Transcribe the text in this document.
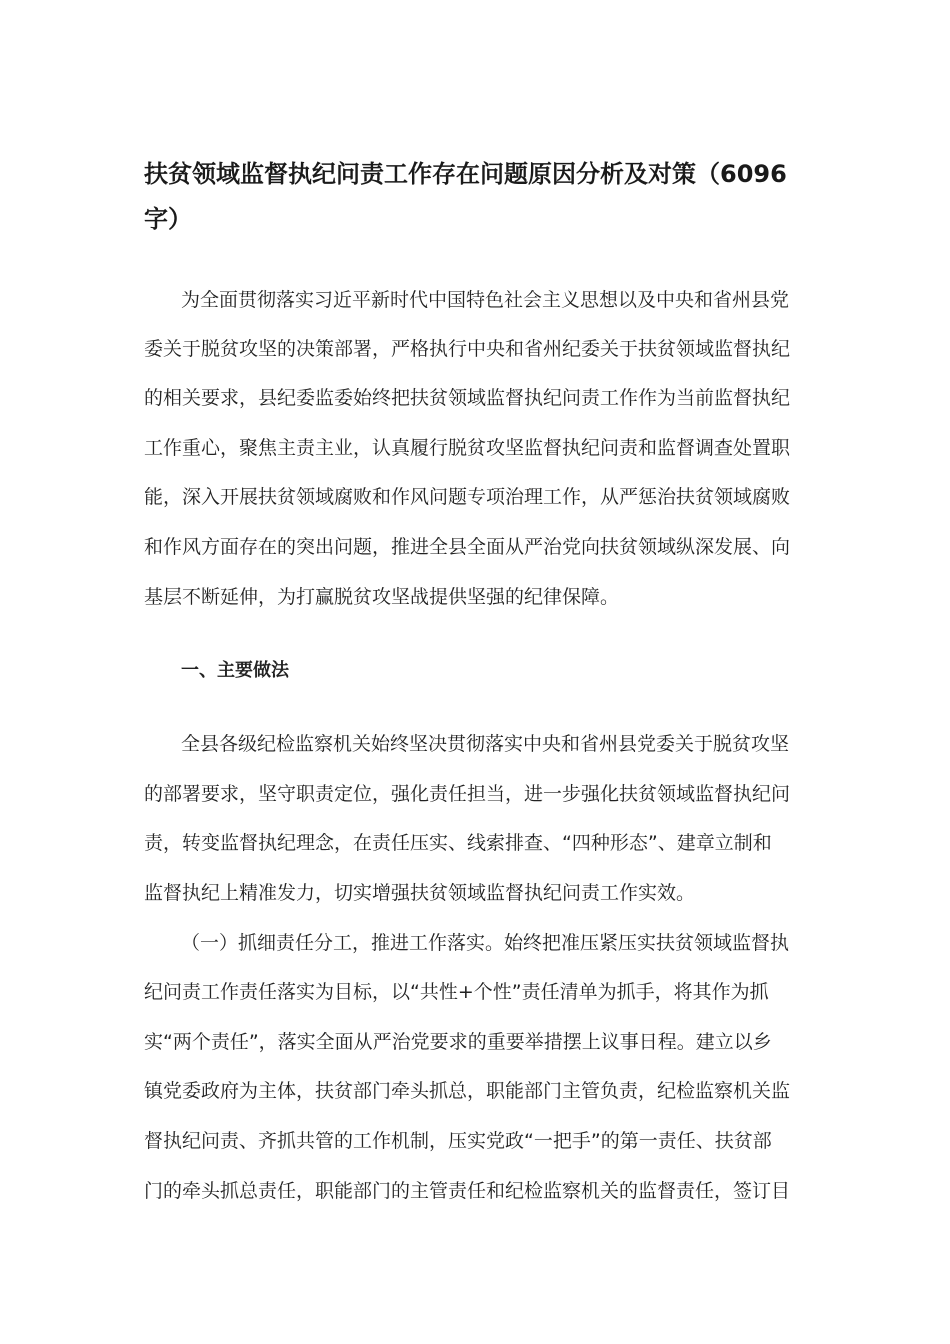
扶贫领域监督执纪问责工作存在问题原因分析及对策（6096字）

为全面贯彻落实习近平新时代中国特色社会主义思想以及中央和省州县党

委关于脱贫攻坚的决策部署，严格执行中央和省州纪委关于扶贫领域监督执纪

的相关要求，县纪委监委始终把扶贫领域监督执纪问责工作作为当前监督执纪

工作重心，聚焦主责主业，认真履行脱贫攻坚监督执纪问责和监督调查处置职

能，深入开展扶贫领域腐败和作风问题专项治理工作，从严惩治扶贫领域腐败

和作风方面存在的突出问题，推进全县全面从严治党向扶贫领域纵深发展、向

基层不断延伸，为打赢脱贫攻坚战提供坚强的纪律保障。

一、主要做法

全县各级纪检监察机关始终坚决贯彻落实中央和省州县党委关于脱贫攻坚

的部署要求，坚守职责定位，强化责任担当，进一步强化扶贫领域监督执纪问

责，转变监督执纪理念，在责任压实、线索排查、“四种形态”、建章立制和

监督执纪上精准发力，切实增强扶贫领域监督执纪问责工作实效。

（一）抓细责任分工，推进工作落实。始终把准压紧压实扶贫领域监督执

纪问责工作责任落实为目标，以“共性+个性”责任清单为抓手，将其作为抓

实“两个责任”，落实全面从严治党要求的重要举措摆上议事日程。建立以乡

镇党委政府为主体，扶贫部门牵头抓总，职能部门主管负责，纪检监察机关监

督执纪问责、齐抓共管的工作机制，压实党政“一把手”的第一责任、扶贫部

门的牵头抓总责任，职能部门的主管责任和纪检监察机关的监督责任，签订目
